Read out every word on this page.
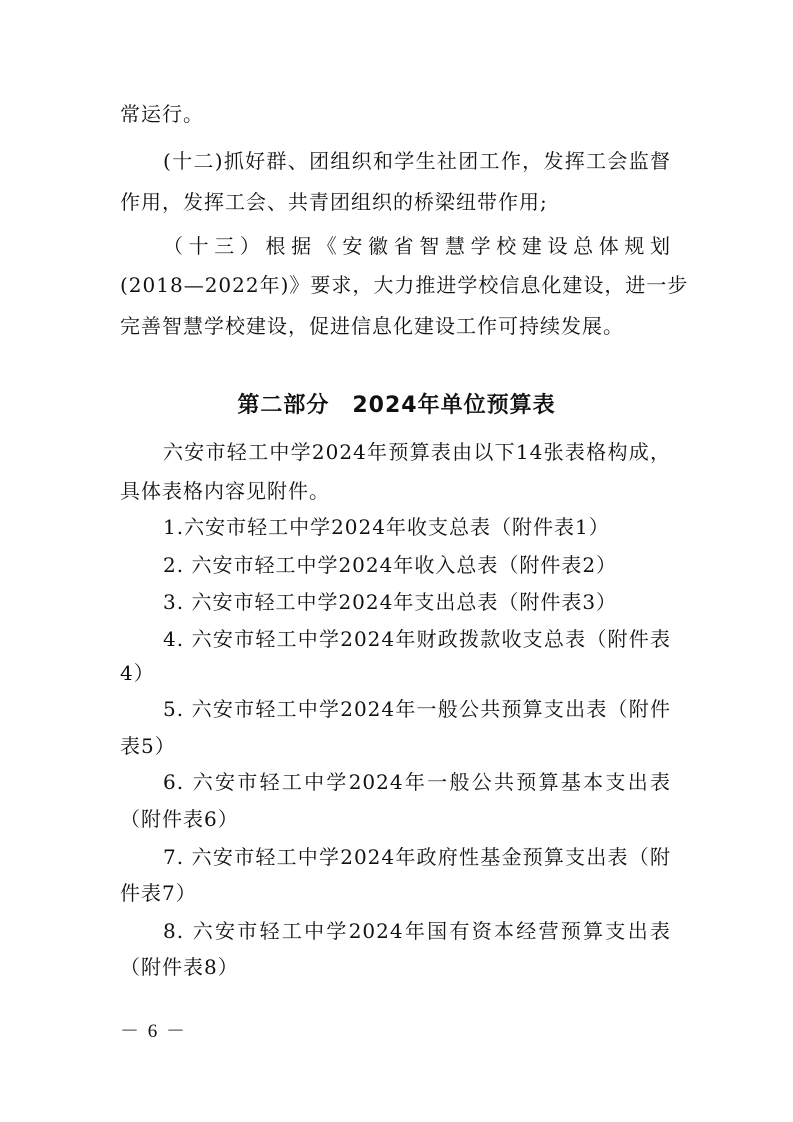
常运行。
(十二)抓好群、团组织和学生社团工作，发挥工会监督
作用，发挥工会、共青团组织的桥梁纽带作用;
（十三）根据《安徽省智慧学校建设总体规划
(2018—2022年)》要求，大力推进学校信息化建设，进一步
完善智慧学校建设，促进信息化建设工作可持续发展。
第二部分　2024年单位预算表
六安市轻工中学2024年预算表由以下14张表格构成，
具体表格内容见附件。
1.六安市轻工中学2024年收支总表（附件表1）
2. 六安市轻工中学2024年收入总表（附件表2）
3. 六安市轻工中学2024年支出总表（附件表3）
4. 六安市轻工中学2024年财政拨款收支总表（附件表
4）
5. 六安市轻工中学2024年一般公共预算支出表（附件
表5）
6. 六安市轻工中学2024年一般公共预算基本支出表
（附件表6）
7. 六安市轻工中学2024年政府性基金预算支出表（附
件表7）
8. 六安市轻工中学2024年国有资本经营预算支出表
（附件表8）
－ 6 －
